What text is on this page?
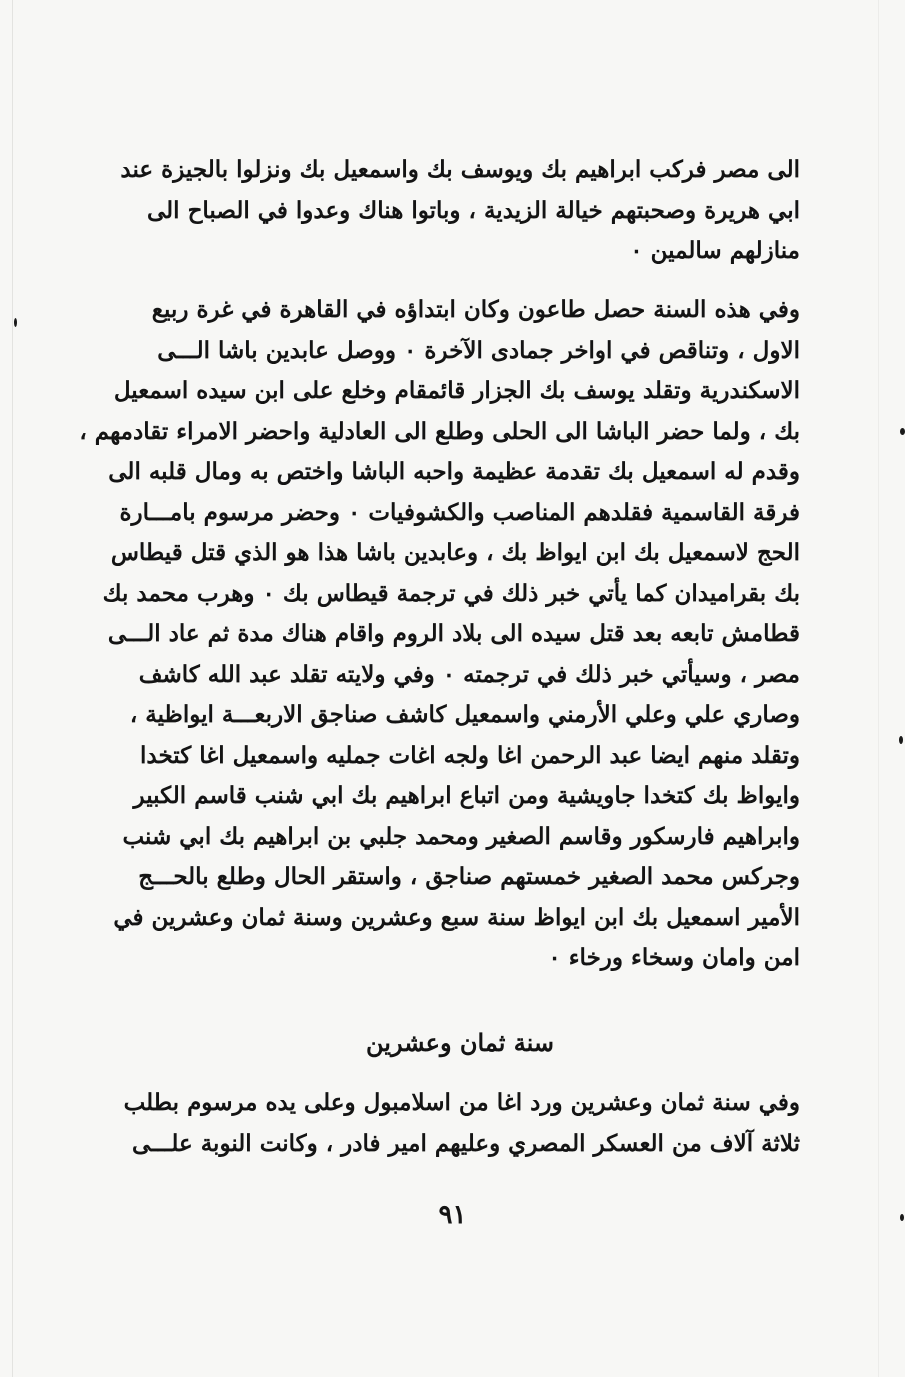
الى مصر فركب ابراهيم بك ويوسف بك واسمعيل بك ونزلوا بالجيزة عند
ابي هريرة وصحبتهم خيالة الزيدية ، وباتوا هناك وعدوا في الصباح الى
منازلهم سالمين ٠
وفي هذه السنة حصل طاعون وكان ابتداؤه في القاهرة في غرة ربيع
الاول ، وتناقص في اواخر جمادى الآخرة ٠ ووصل عابدين باشا الـــى
الاسكندرية وتقلد يوسف بك الجزار قائمقام وخلع على ابن سيده اسمعيل
بك ، ولما حضر الباشا الى الحلى وطلع الى العادلية واحضر الامراء تقادمهم ،
وقدم له اسمعيل بك تقدمة عظيمة واحبه الباشا واختص به ومال قلبه الى
فرقة القاسمية فقلدهم المناصب والكشوفيات ٠ وحضر مرسوم بامـــارة
الحج لاسمعيل بك ابن ايواظ بك ، وعابدين باشا هذا هو الذي قتل قيطاس
بك بقراميدان كما يأتي خبر ذلك في ترجمة قيطاس بك ٠ وهرب محمد بك
قطامش تابعه بعد قتل سيده الى بلاد الروم واقام هناك مدة ثم عاد الـــى
مصر ، وسيأتي خبر ذلك في ترجمته ٠ وفي ولايته تقلد عبد الله كاشف
وصاري علي وعلي الأرمني واسمعيل كاشف صناجق الاربعـــة ايواظية ،
وتقلد منهم ايضا عبد الرحمن اغا ولجه اغات جمليه واسمعيل اغا كتخدا
وايواظ بك كتخدا جاويشية ومن اتباع ابراهيم بك ابي شنب قاسم الكبير
وابراهيم فارسكور وقاسم الصغير ومحمد جلبي بن ابراهيم بك ابي شنب
وجركس محمد الصغير خمستهم صناجق ، واستقر الحال وطلع بالحـــج
الأمير اسمعيل بك ابن ايواظ سنة سبع وعشرين وسنة ثمان وعشرين في
امن وامان وسخاء ورخاء ٠
سنة ثمان وعشرين
وفي سنة ثمان وعشرين ورد اغا من اسلامبول وعلى يده مرسوم بطلب
ثلاثة آلاف من العسكر المصري وعليهم امير فادر ، وكانت النوبة علـــى
٩١
